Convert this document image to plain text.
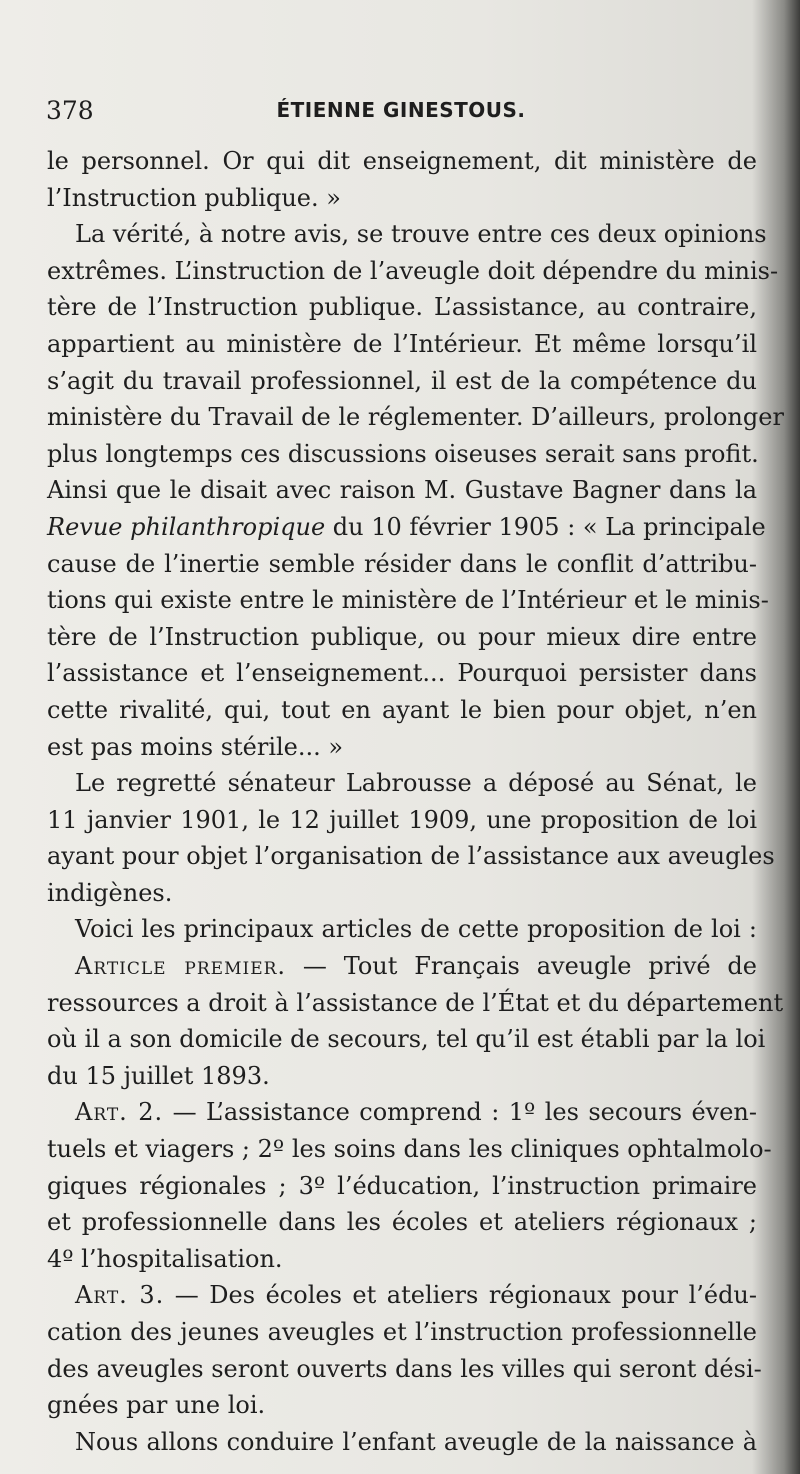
378	ÉTIENNE GINESTOUS.
le personnel. Or qui dit enseignement, dit ministère de
l’Instruction publique. »
La vérité, à notre avis, se trouve entre ces deux opinions
extrêmes. L’instruction de l’aveugle doit dépendre du minis-
tère de l’Instruction publique. L’assistance, au contraire,
appartient au ministère de l’Intérieur. Et même lorsqu’il
s’agit du travail professionnel, il est de la compétence du
ministère du Travail de le réglementer. D’ailleurs, prolonger
plus longtemps ces discussions oiseuses serait sans profit.
Ainsi que le disait avec raison M. Gustave Bagner dans la
Revue philanthropique du 10 février 1905 : « La principale
cause de l’inertie semble résider dans le conflit d’attribu-
tions qui existe entre le ministère de l’Intérieur et le minis-
tère de l’Instruction publique, ou pour mieux dire entre
l’assistance et l’enseignement... Pourquoi persister dans
cette rivalité, qui, tout en ayant le bien pour objet, n’en
est pas moins stérile... »
Le regretté sénateur Labrousse a déposé au Sénat, le
11 janvier 1901, le 12 juillet 1909, une proposition de loi
ayant pour objet l’organisation de l’assistance aux aveugles
indigènes.
Voici les principaux articles de cette proposition de loi :
Article premier. — Tout Français aveugle privé de
ressources a droit à l’assistance de l’État et du département
où il a son domicile de secours, tel qu’il est établi par la loi
du 15 juillet 1893.
Art. 2. — L’assistance comprend : 1º les secours éven-
tuels et viagers ; 2º les soins dans les cliniques ophtalmolo-
giques régionales ; 3º l’éducation, l’instruction primaire
et professionnelle dans les écoles et ateliers régionaux ;
4º l’hospitalisation.
Art. 3. — Des écoles et ateliers régionaux pour l’édu-
cation des jeunes aveugles et l’instruction professionnelle
des aveugles seront ouverts dans les villes qui seront dési-
gnées par une loi.
Nous allons conduire l’enfant aveugle de la naissance à
